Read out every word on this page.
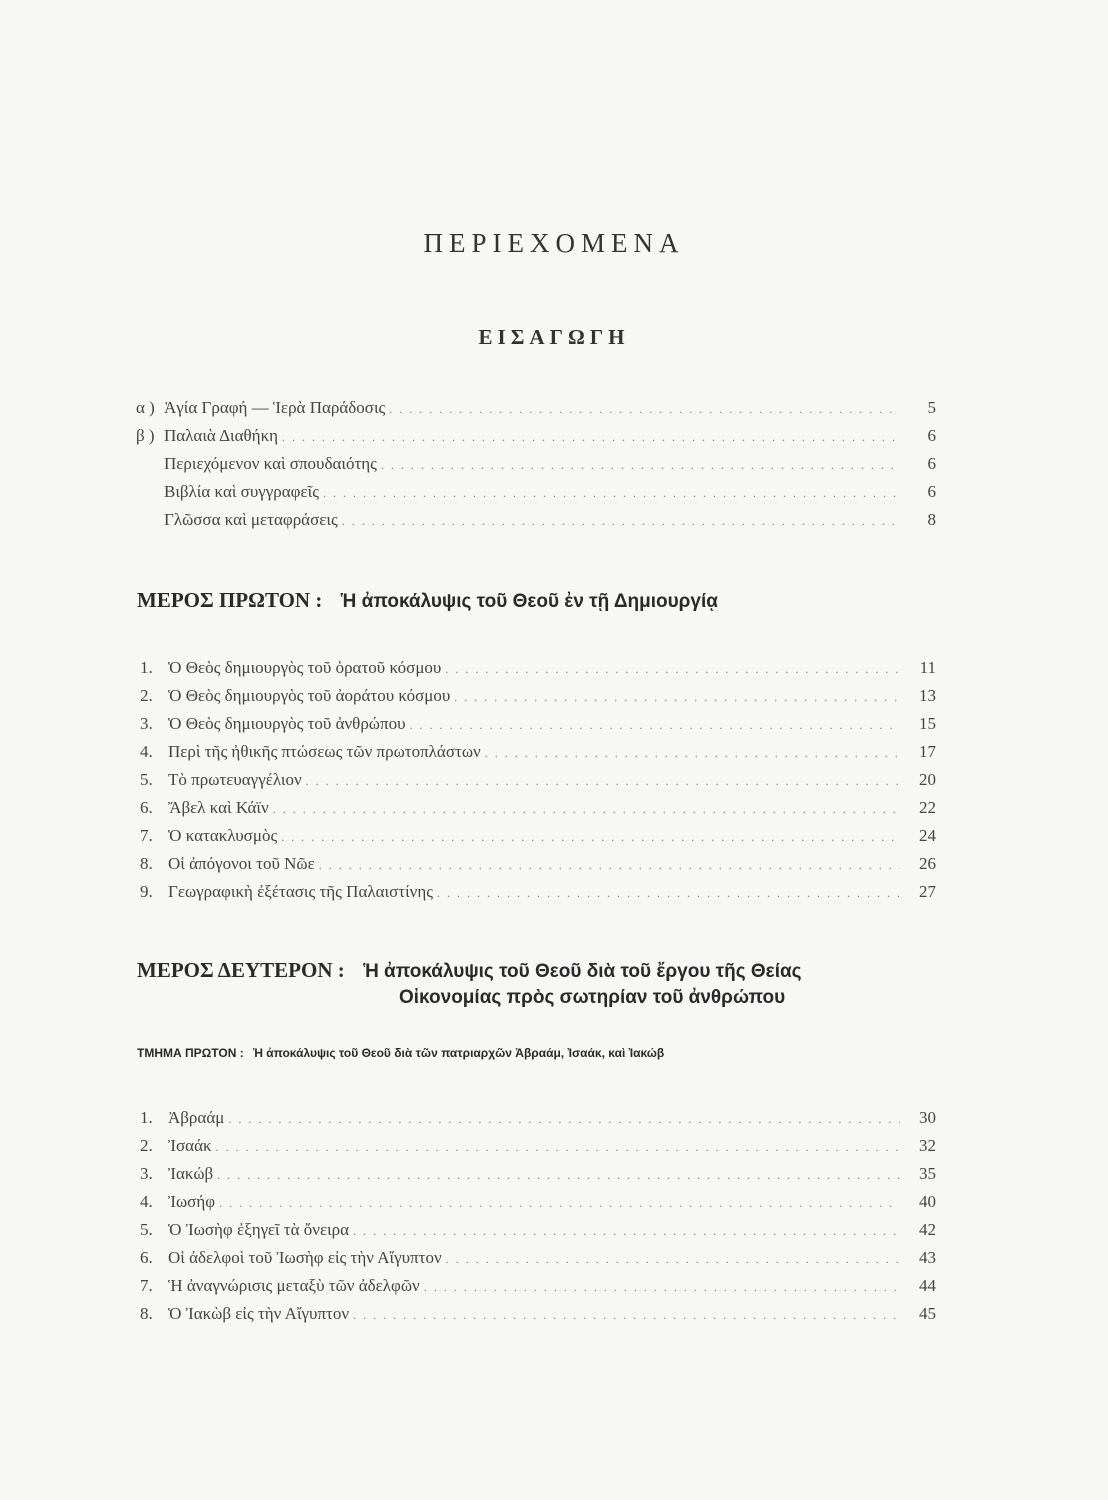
ΠΕΡΙΕΧΟΜΕΝΑ
ΕΙΣΑΓΩΓΗ
α ) Ἁγία Γραφή — Ἱερὰ Παράδοσις . . .	5
β ) Παλαιὰ Διαθήκη . . .	6
Περιεχόμενον καὶ σπουδαιότης . . .	6
Βιβλία καὶ συγγραφεῖς . . .	6
Γλῶσσα καὶ μεταφράσεις . . .	8
ΜΕΡΟΣ ΠΡΩΤΟΝ : Ἡ ἀποκάλυψις τοῦ Θεοῦ ἐν τῇ Δημιουργίᾳ
1. Ὁ Θεὸς δημιουργὸς τοῦ ὁρατοῦ κόσμου . . .	11
2. Ὁ Θεὸς δημιουργὸς τοῦ ἀοράτου κόσμου . . .	13
3. Ὁ Θεὸς δημιουργὸς τοῦ ἀνθρώπου . . .	15
4. Περὶ τῆς ἠθικῆς πτώσεως τῶν πρωτοπλάστων . . .	17
5. Τὸ πρωτευαγγέλιον . . .	20
6. Ἄβελ καὶ Κάϊν . . .	22
7. Ὁ κατακλυσμὸς . . .	24
8. Οἱ ἀπόγονοι τοῦ Νῶε . . .	26
9. Γεωγραφικὴ ἐξέτασις τῆς Παλαιστίνης . . .	27
ΜΕΡΟΣ ΔΕΥΤΕΡΟΝ : Ἡ ἀποκάλυψις τοῦ Θεοῦ διὰ τοῦ ἔργου τῆς Θείας
Οἰκονομίας πρὸς σωτηρίαν τοῦ ἀνθρώπου
ΤΜΗΜΑ ΠΡΩΤΟΝ : Ἡ ἀποκάλυψις τοῦ Θεοῦ διὰ τῶν πατριαρχῶν Ἀβραάμ, Ἰσαάκ, καὶ Ἰακώβ
1. Ἀβραάμ . . .	30
2. Ἰσαάκ . . .	32
3. Ἰακώβ . . .	35
4. Ἰωσήφ . . .	40
5. Ὁ Ἰωσὴφ ἐξηγεῖ τὰ ὄνειρα . . .	42
6. Οἱ ἀδελφοὶ τοῦ Ἰωσὴφ εἰς τὴν Αἴγυπτον . . .	43
7. Ἡ ἀναγνώρισις μεταξὺ τῶν ἀδελφῶν . . .	44
8. Ὁ Ἰακὼβ εἰς τὴν Αἴγυπτον . . .	45
